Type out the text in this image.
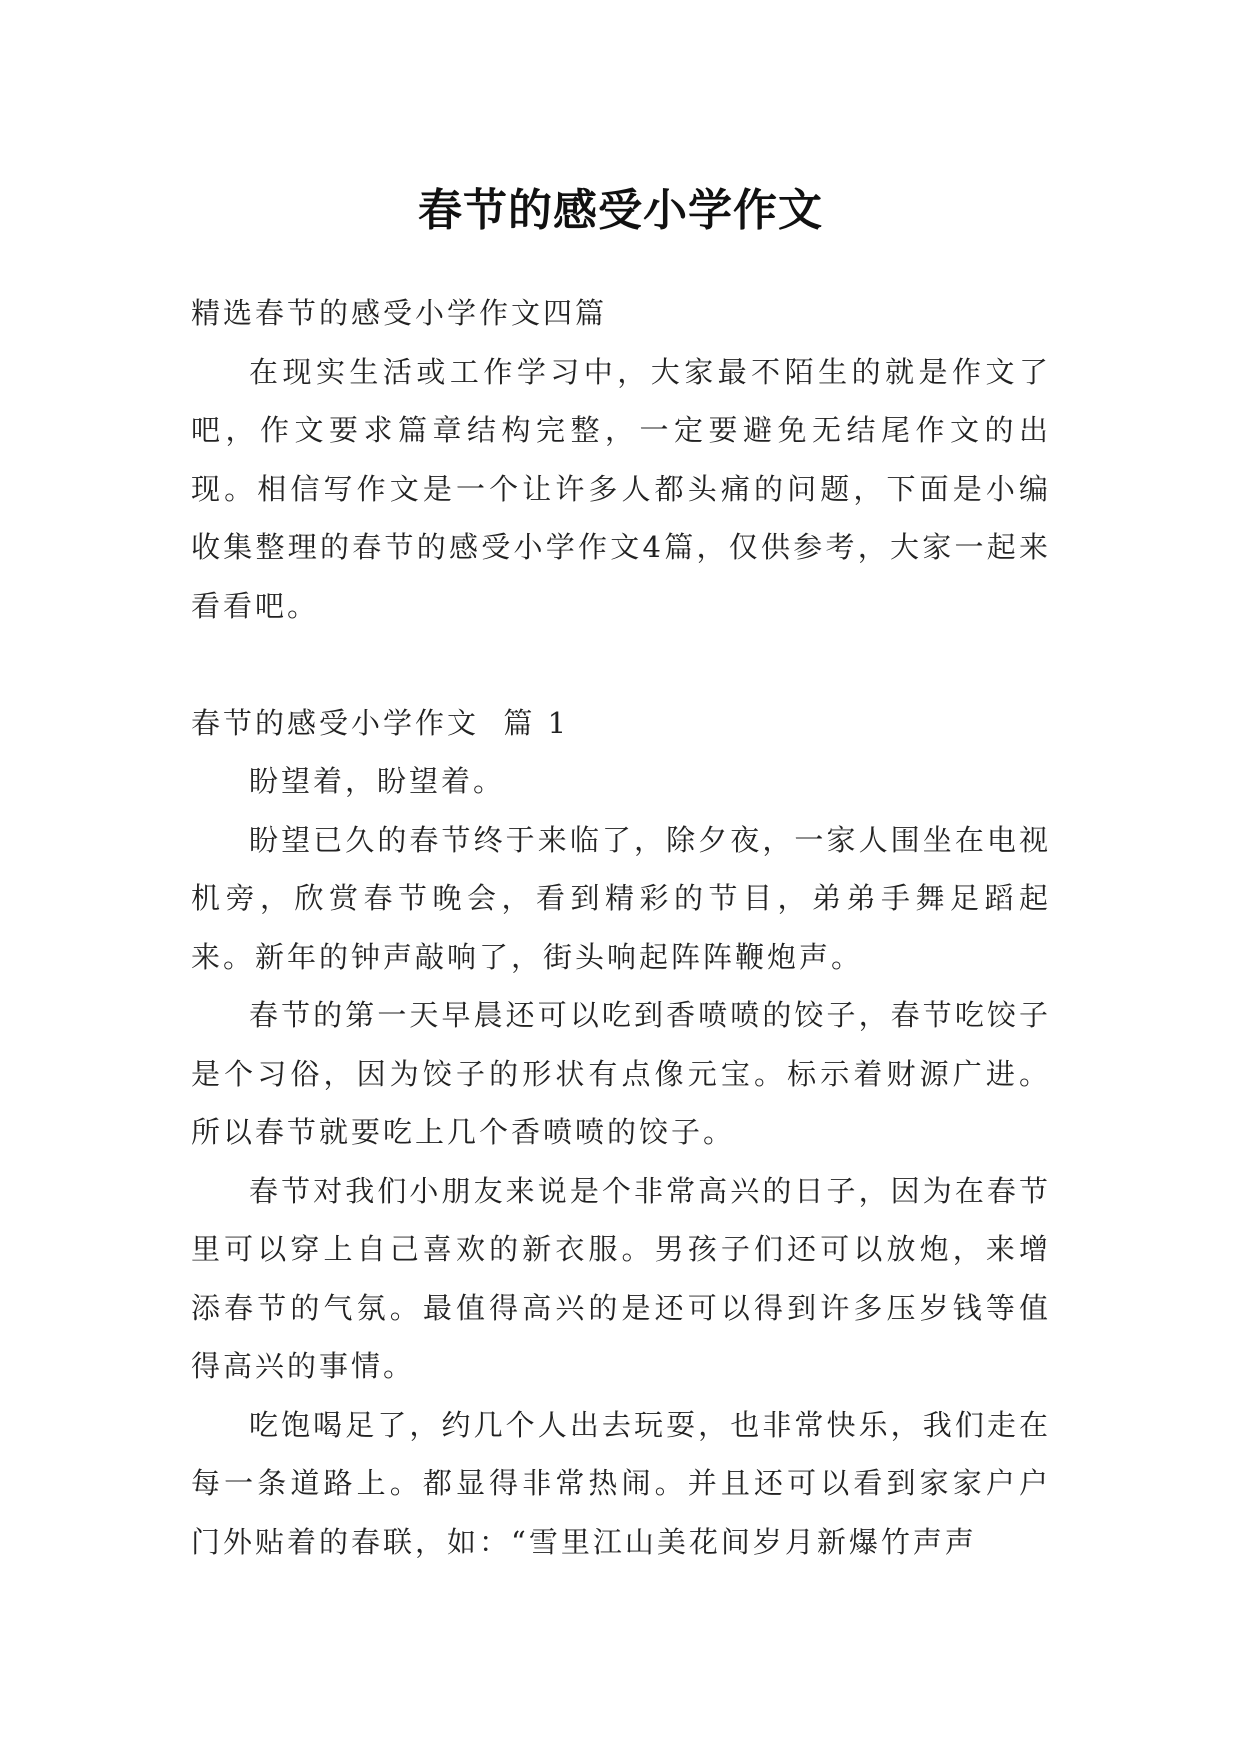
春节的感受小学作文

精选春节的感受小学作文四篇

在现实生活或工作学习中，大家最不陌生的就是作文了吧，作文要求篇章结构完整，一定要避免无结尾作文的出现。相信写作文是一个让许多人都头痛的问题，下面是小编收集整理的春节的感受小学作文4篇，仅供参考，大家一起来看看吧。

春节的感受小学作文  篇 1

盼望着，盼望着。

盼望已久的春节终于来临了，除夕夜，一家人围坐在电视机旁，欣赏春节晚会，看到精彩的节目，弟弟手舞足蹈起来。新年的钟声敲响了，街头响起阵阵鞭炮声。

春节的第一天早晨还可以吃到香喷喷的饺子，春节吃饺子是个习俗，因为饺子的形状有点像元宝。标示着财源广进。所以春节就要吃上几个香喷喷的饺子。

春节对我们小朋友来说是个非常高兴的日子，因为在春节里可以穿上自己喜欢的新衣服。男孩子们还可以放炮，来增添春节的气氛。最值得高兴的是还可以得到许多压岁钱等值得高兴的事情。

吃饱喝足了，约几个人出去玩耍，也非常快乐，我们走在每一条道路上。都显得非常热闹。并且还可以看到家家户户门外贴着的春联，如：“雪里江山美花间岁月新爆竹声声
